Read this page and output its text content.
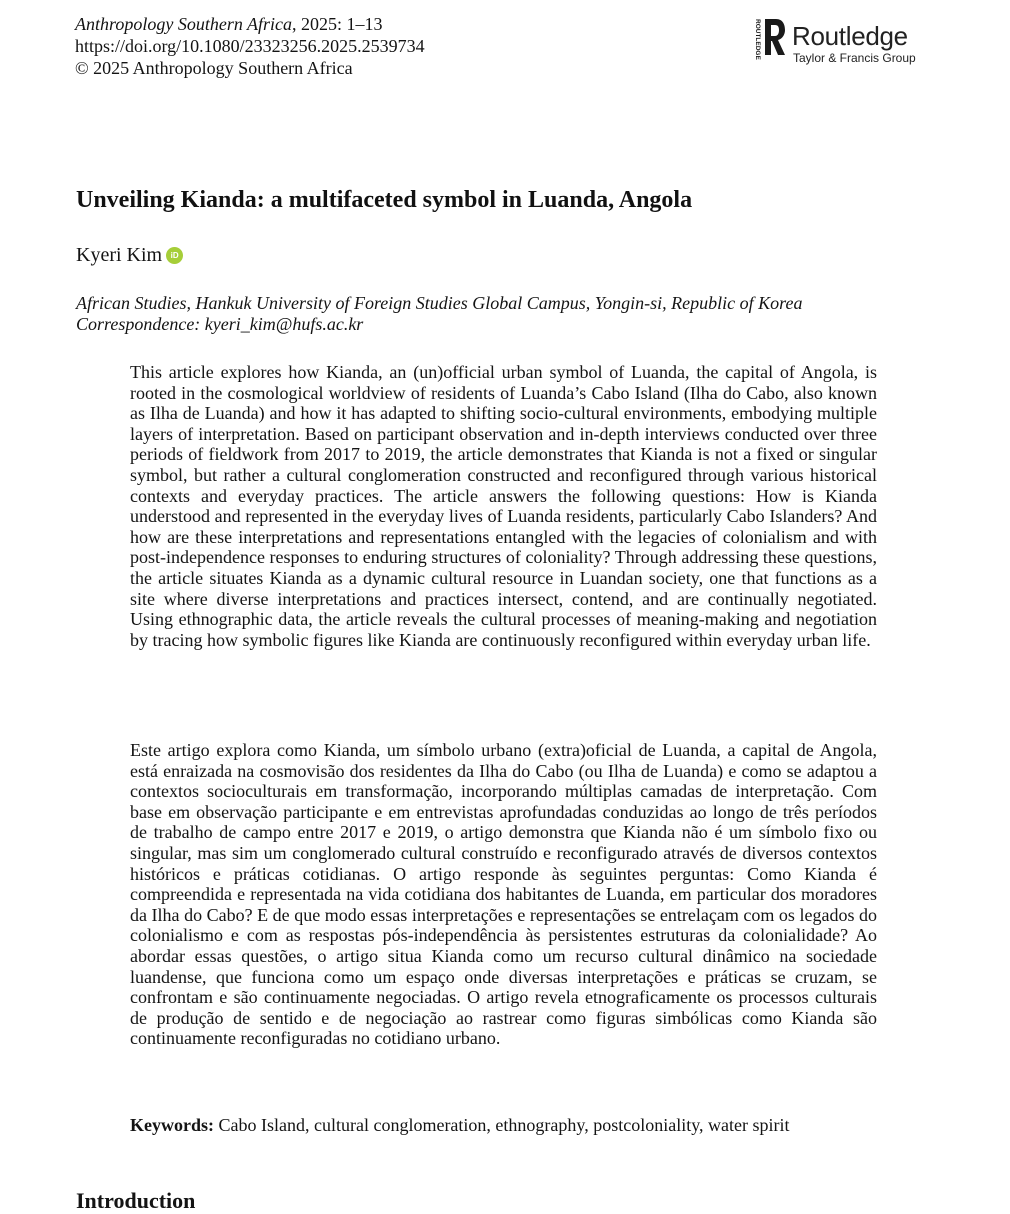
Anthropology Southern Africa, 2025: 1–13
https://doi.org/10.1080/23323256.2025.2539734
© 2025 Anthropology Southern Africa
ROUTLEDGE Routledge
Taylor & Francis Group
Unveiling Kianda: a multifaceted symbol in Luanda, Angola
Kyeri Kim	iD
African Studies, Hankuk University of Foreign Studies Global Campus, Yongin-si, Republic of Korea
Correspondence: kyeri_kim@hufs.ac.kr

This article explores how Kianda, an (un)official urban symbol of Luanda, the capital of Angola, is rooted in the cosmological worldview of residents of Luanda’s Cabo Island (Ilha do Cabo, also known as Ilha de Luanda) and how it has adapted to shifting socio-cultural environments, embodying multiple layers of interpretation. Based on participant observation and in-depth interviews conducted over three periods of fieldwork from 2017 to 2019, the article demonstrates that Kianda is not a fixed or singular symbol, but rather a cultural conglomeration constructed and reconfigured through various historical contexts and everyday practices. The article answers the following questions: How is Kianda understood and represented in the everyday lives of Luanda residents, particularly Cabo Islanders? And how are these interpretations and representations entangled with the legacies of colonialism and with post-independence responses to enduring structures of coloniality? Through addressing these questions, the article situates Kianda as a dynamic cultural resource in Luandan society, one that functions as a site where diverse interpretations and practices intersect, contend, and are continually negotiated. Using ethnographic data, the article reveals the cultural processes of meaning-making and negotiation by tracing how symbolic figures like Kianda are continuously reconfigured within everyday urban life.

Este artigo explora como Kianda, um símbolo urbano (extra)oficial de Luanda, a capital de Angola, está enraizada na cosmovisão dos residentes da Ilha do Cabo (ou Ilha de Luanda) e como se adaptou a contextos socioculturais em transformação, incorporando múltiplas camadas de interpretação. Com base em observação participante e em entrevistas aprofundadas conduzidas ao longo de três períodos de trabalho de campo entre 2017 e 2019, o artigo demonstra que Kianda não é um símbolo fixo ou singular, mas sim um conglomerado cultural construído e reconfigurado através de diversos contextos históricos e práticas cotidianas. O artigo responde às seguintes perguntas: Como Kianda é compreendida e representada na vida cotidiana dos habitantes de Luanda, em particular dos moradores da Ilha do Cabo? E de que modo essas interpretações e representações se entrelaçam com os legados do colonialismo e com as respostas pós-independência às persistentes estruturas da colonialidade? Ao abordar essas questões, o artigo situa Kianda como um recurso cultural dinâmico na sociedade luandense, que funciona como um espaço onde diversas interpretações e práticas se cruzam, se confrontam e são continuamente negociadas. O artigo revela etnograficamente os processos culturais de produção de sentido e de negociação ao rastrear como figuras simbólicas como Kianda são continuamente reconfiguradas no cotidiano urbano.

Keywords: Cabo Island, cultural conglomeration, ethnography, postcoloniality, water spirit
Introduction
